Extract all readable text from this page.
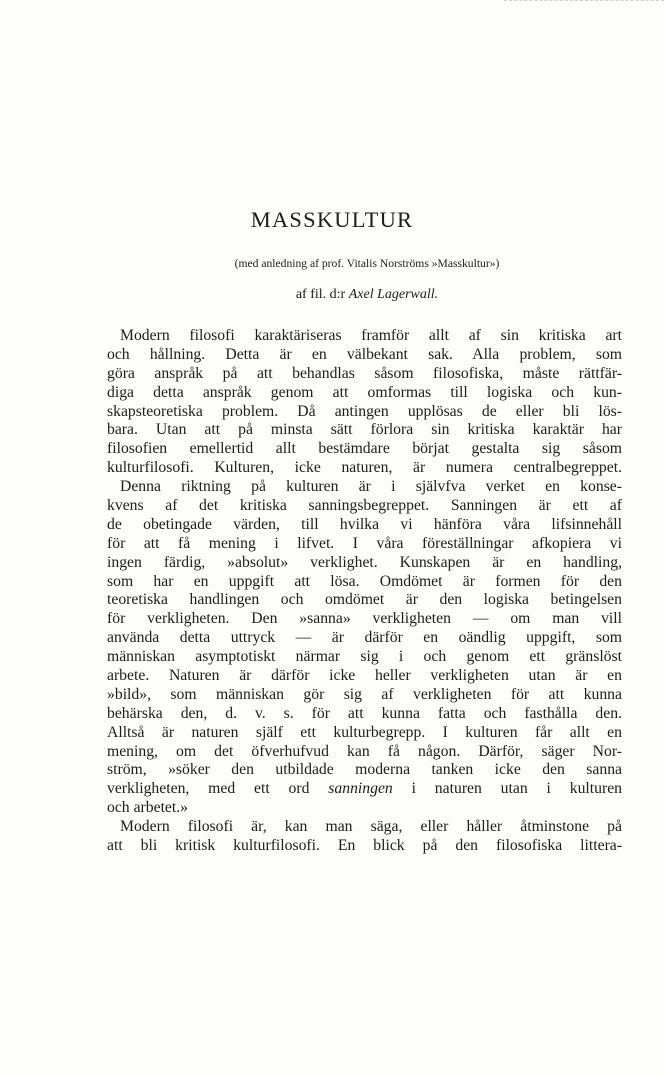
MASSKULTUR

(med anledning af prof. Vitalis Norströms »Masskultur»)

af fil. d:r Axel Lagerwall.

Modern filosofi karaktäriseras framför allt af sin kritiska art
och hållning. Detta är en välbekant sak. Alla problem, som
göra anspråk på att behandlas såsom filosofiska, måste rättfär-
diga detta anspråk genom att omformas till logiska och kun-
skapsteoretiska problem. Då antingen upplösas de eller bli lös-
bara. Utan att på minsta sätt förlora sin kritiska karaktär har
filosofien emellertid allt bestämdare börjat gestalta sig såsom
kulturfilosofi. Kulturen, icke naturen, är numera centralbegreppet.
Denna riktning på kulturen är i självfva verket en konse-
kvens af det kritiska sanningsbegreppet. Sanningen är ett af
de obetingade värden, till hvilka vi hänföra våra lifsinnehåll
för att få mening i lifvet. I våra föreställningar afkopiera vi
ingen färdig, »absolut» verklighet. Kunskapen är en handling,
som har en uppgift att lösa. Omdömet är formen för den
teoretiska handlingen och omdömet är den logiska betingelsen
för verkligheten. Den »sanna» verkligheten — om man vill
använda detta uttryck — är därför en oändlig uppgift, som
människan asymptotiskt närmar sig i och genom ett gränslöst
arbete. Naturen är därför icke heller verkligheten utan är en
»bild», som människan gör sig af verkligheten för att kunna
behärska den, d. v. s. för att kunna fatta och fasthålla den.
Alltså är naturen själf ett kulturbegrepp. I kulturen får allt en
mening, om det öfverhufvud kan få någon. Därför, säger Nor-
ström, »söker den utbildade moderna tanken icke den sanna
verkligheten, med ett ord sanningen i naturen utan i kulturen
och arbetet.»
Modern filosofi är, kan man säga, eller håller åtminstone på
att bli kritisk kulturfilosofi. En blick på den filosofiska littera-
